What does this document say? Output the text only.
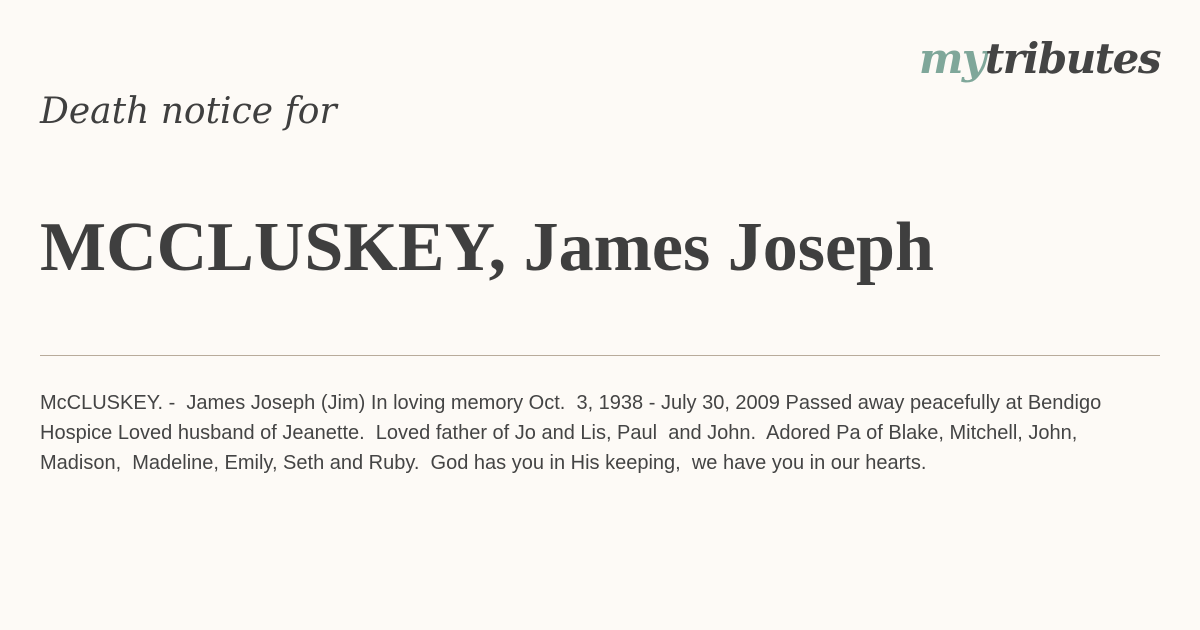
mytributes
Death notice for
MCCLUSKEY, James Joseph

McCLUSKEY. -  James Joseph (Jim) In loving memory Oct.  3, 1938 - July 30, 2009 Passed away peacefully at Bendigo Hospice Loved husband of Jeanette.  Loved father of Jo and Lis, Paul  and John.  Adored Pa of Blake, Mitchell, John, Madison,  Madeline, Emily, Seth and Ruby.  God has you in His keeping,  we have you in our hearts.
